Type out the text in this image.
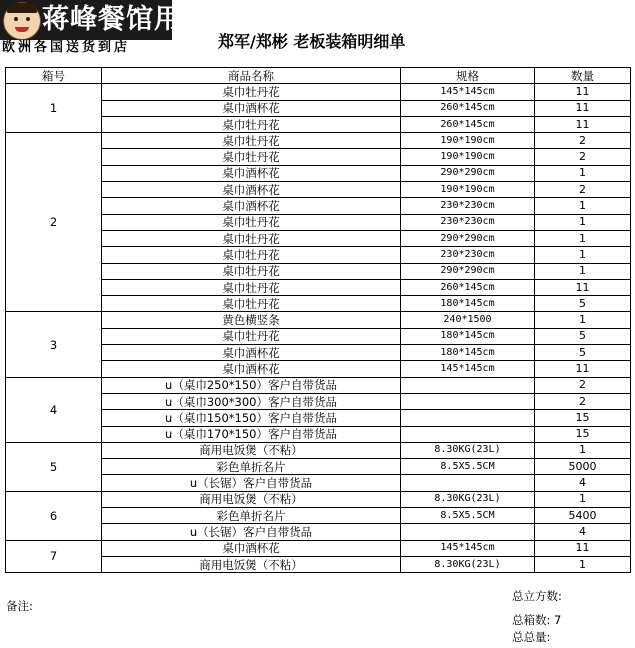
蒋峰餐馆用品
欧洲各国送货到店	郑军/郑彬 老板装箱明细单
箱号	商品名称	规格	数量
1	桌巾牡丹花	145*145cm	11
	桌巾酒杯花	260*145cm	11
	桌巾牡丹花	260*145cm	11
2	桌巾牡丹花	190*190cm	2
	桌巾牡丹花	190*190cm	2
	桌巾酒杯花	290*290cm	1
	桌巾酒杯花	190*190cm	2
	桌巾酒杯花	230*230cm	1
	桌巾牡丹花	230*230cm	1
	桌巾牡丹花	290*290cm	1
	桌巾牡丹花	230*230cm	1
	桌巾牡丹花	290*290cm	1
	桌巾牡丹花	260*145cm	11
	桌巾牡丹花	180*145cm	5
3	黄色横竖条	240*1500	1
	桌巾牡丹花	180*145cm	5
	桌巾酒杯花	180*145cm	5
	桌巾酒杯花	145*145cm	11
4	u（桌巾250*150）客户自带货品		2
	u（桌巾300*300）客户自带货品		2
	u（桌巾150*150）客户自带货品		15
	u（桌巾170*150）客户自带货品		15
5	商用电饭煲（不粘）	8.30KG(23L)	1
	彩色单折名片	8.5X5.5CM	5000
	u（长锯）客户自带货品		4
6	商用电饭煲（不粘）	8.30KG(23L)	1
	彩色单折名片	8.5X5.5CM	5400
	u（长锯）客户自带货品		4
7	桌巾酒杯花	145*145cm	11
	商用电饭煲（不粘）	8.30KG(23L)	1
备注:
总立方数:
总箱数: 7
总总量:
